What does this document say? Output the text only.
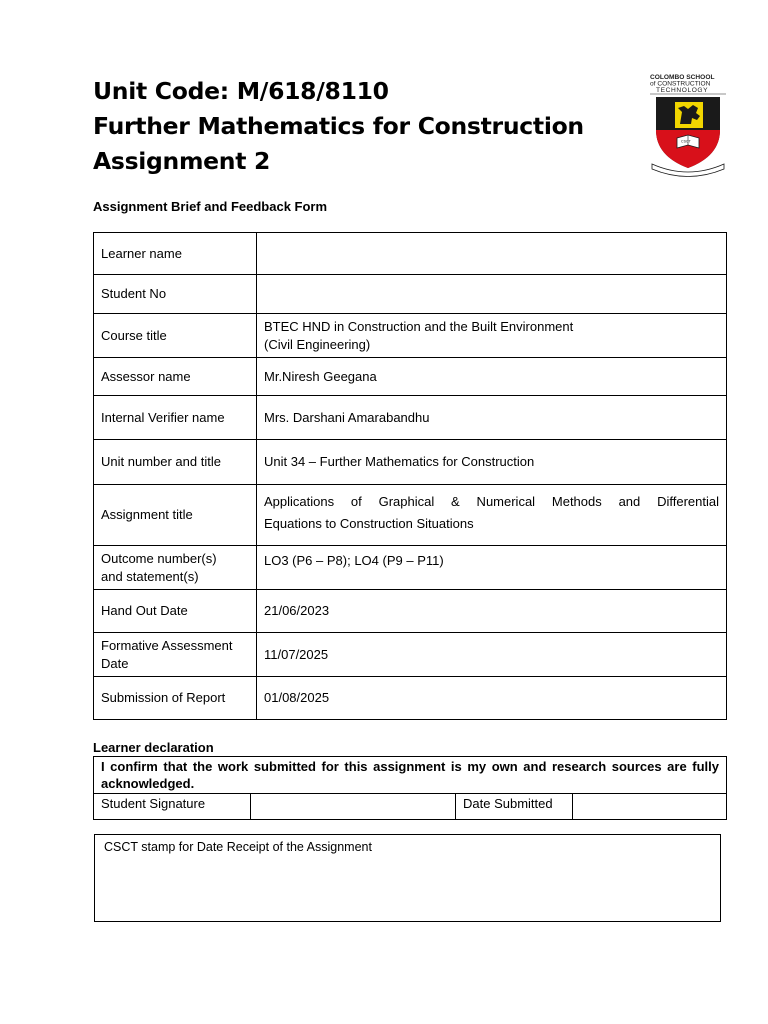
Unit Code: M/618/8110
Further Mathematics for Construction
Assignment 2
COLOMBO SCHOOL
of CONSTRUCTION
TECHNOLOGY
CSCT
Assignment Brief and Feedback Form
Learner name	

Student No	

Course title	BTEC HND in Construction and the Built Environment
(Civil Engineering)

Assessor name	Mr.Niresh Geegana

Internal Verifier name	Mrs. Darshani Amarabandhu

Unit number and title	Unit 34 – Further Mathematics for Construction

Assignment title	Applications of Graphical & Numerical Methods and Differential
Equations to Construction Situations

Outcome number(s)
and statement(s)	LO3 (P6 – P8); LO4 (P9 – P11)

Hand Out Date	21/06/2023

Formative Assessment
Date	11/07/2025

Submission of Report	01/08/2025
Learner declaration
I confirm that the work submitted for this assignment is my own and research sources are fully
acknowledged.

Student Signature		Date Submitted	
CSCT stamp for Date Receipt of the Assignment
